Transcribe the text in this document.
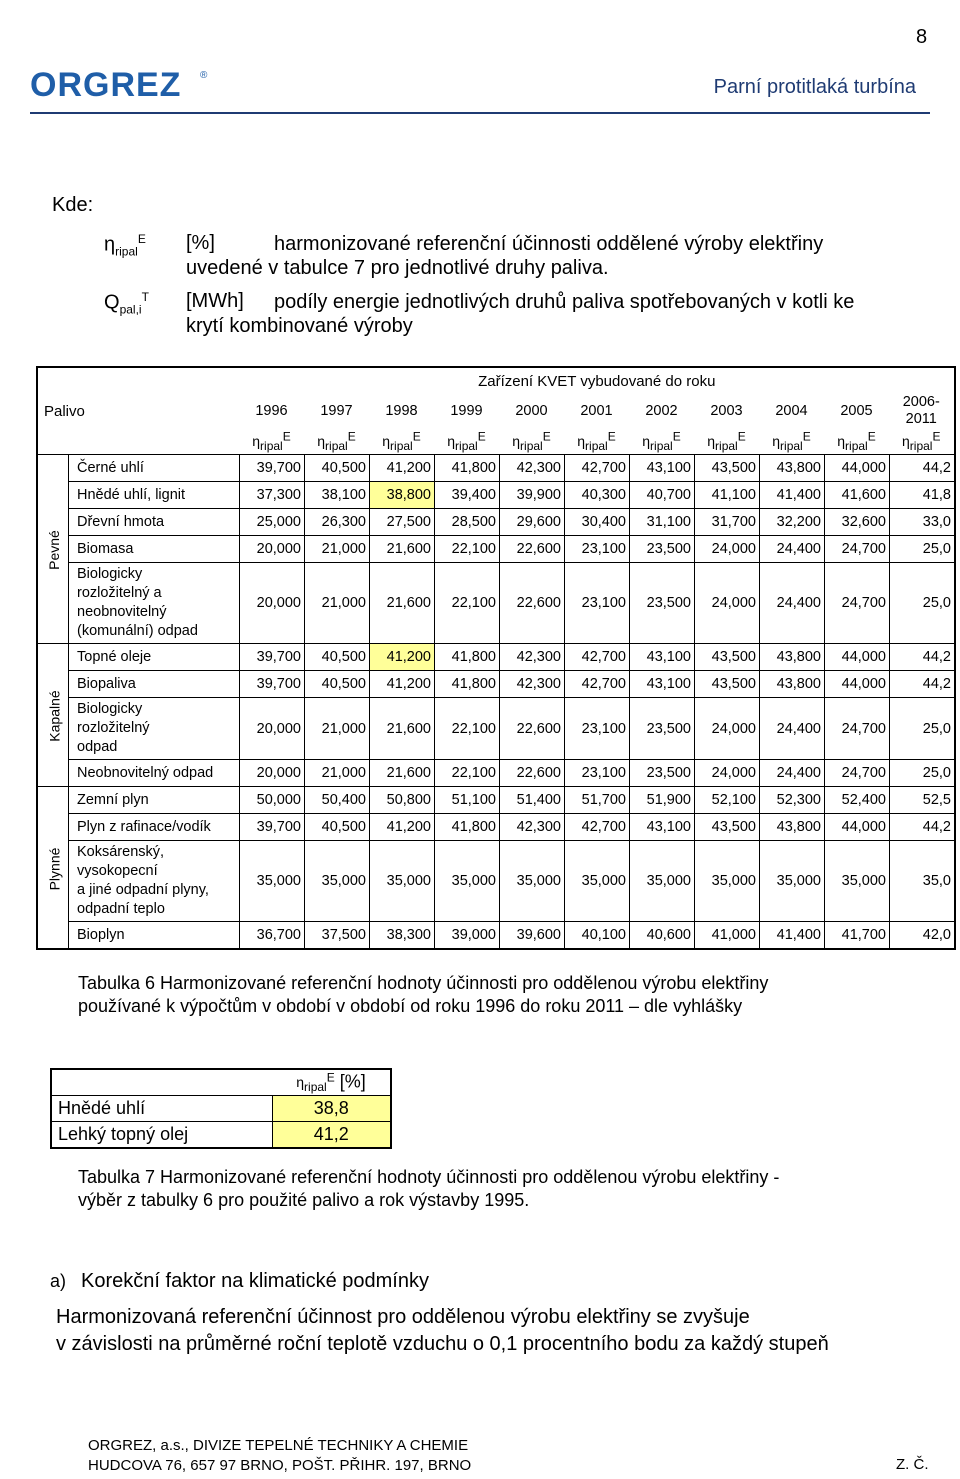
8
ORGREZ ®
Parní protitlaká turbína
Kde:
$\eta_{ripal}^E$ [%]	harmonizované referenční účinnosti oddělené výroby elektřiny
uvedené v tabulce 7 pro jednotlivé druhy paliva.
$Q_{pal,i}^T$ [MWh] podíly energie jednotlivých druhů paliva spotřebovaných v kotli ke
krytí kombinované výroby
		Zařízení KVET vybudované do roku										
Palivo		1996	1997	1998	1999	2000	2001	2002	2003	2004	2005	2006-2011
		$\eta_{ripal}^E$	$\eta_{ripal}^E$	$\eta_{ripal}^E$	$\eta_{ripal}^E$	$\eta_{ripal}^E$	$\eta_{ripal}^E$	$\eta_{ripal}^E$	$\eta_{ripal}^E$	$\eta_{ripal}^E$	$\eta_{ripal}^E$	$\eta_{ripal}^E$

Pevné	Černé uhlí	39,700	40,500	41,200	41,800	42,300	42,700	43,100	43,500	43,800	44,000	44,2
	Hnědé uhlí, lignit	37,300	38,100	38,800	39,400	39,900	40,300	40,700	41,100	41,400	41,600	41,8
	Dřevní hmota	25,000	26,300	27,500	28,500	29,600	30,400	31,100	31,700	32,200	32,600	33,0
	Biomasa	20,000	21,000	21,600	22,100	22,600	23,100	23,500	24,000	24,400	24,700	25,0

	Biologicky
rozložitelný a
neobnovitelný
(komunální) odpad	20,000	21,000	21,600	22,100	22,600	23,100	23,500	24,000	24,400	24,700	25,0

Kapalné	Topné oleje	39,700	40,500	41,200	41,800	42,300	42,700	43,100	43,500	43,800	44,000	44,2
	Biopaliva	39,700	40,500	41,200	41,800	42,300	42,700	43,100	43,500	43,800	44,000	44,2

	Biologicky
rozložitelný
odpad	20,000	21,000	21,600	22,100	22,600	23,100	23,500	24,000	24,400	24,700	25,0
	Neobnovitelný odpad	20,000	21,000	21,600	22,100	22,600	23,100	23,500	24,000	24,400	24,700	25,0

Plynné	Zemní plyn	50,000	50,400	50,800	51,100	51,400	51,700	51,900	52,100	52,300	52,400	52,5
	Plyn z rafinace/vodík	39,700	40,500	41,200	41,800	42,300	42,700	43,100	43,500	43,800	44,000	44,2

	Koksárenský,
vysokopecní
a jiné odpadní plyny,
odpadní teplo	35,000	35,000	35,000	35,000	35,000	35,000	35,000	35,000	35,000	35,000	35,0
	Bioplyn	36,700	37,500	38,300	39,000	39,600	40,100	40,600	41,000	41,400	41,700	42,0
Tabulka 6 Harmonizované referenční hodnoty účinnosti pro oddělenou výrobu elektřiny
používané k výpočtům v období v období od roku 1996 do roku 2011 – dle vyhlášky
	$\eta_{ripal}^E$ [%]
Hnědé uhlí	38,8
Lehký topný olej	41,2
Tabulka 7 Harmonizované referenční hodnoty účinnosti pro oddělenou výrobu elektřiny -
výběr z tabulky 6 pro použité palivo a rok výstavby 1995.
a) Korekční faktor na klimatické podmínky
Harmonizovaná referenční účinnost pro oddělenou výrobu elektřiny se zvyšuje
v závislosti na průměrné roční teplotě vzduchu o 0,1 procentního bodu za každý stupeň
ORGREZ, a.s., DIVIZE TEPELNÉ TECHNIKY A CHEMIE
HUDCOVA 76, 657 97 BRNO, POŠT. PŘIHR. 197, BRNO	Z. Č.
